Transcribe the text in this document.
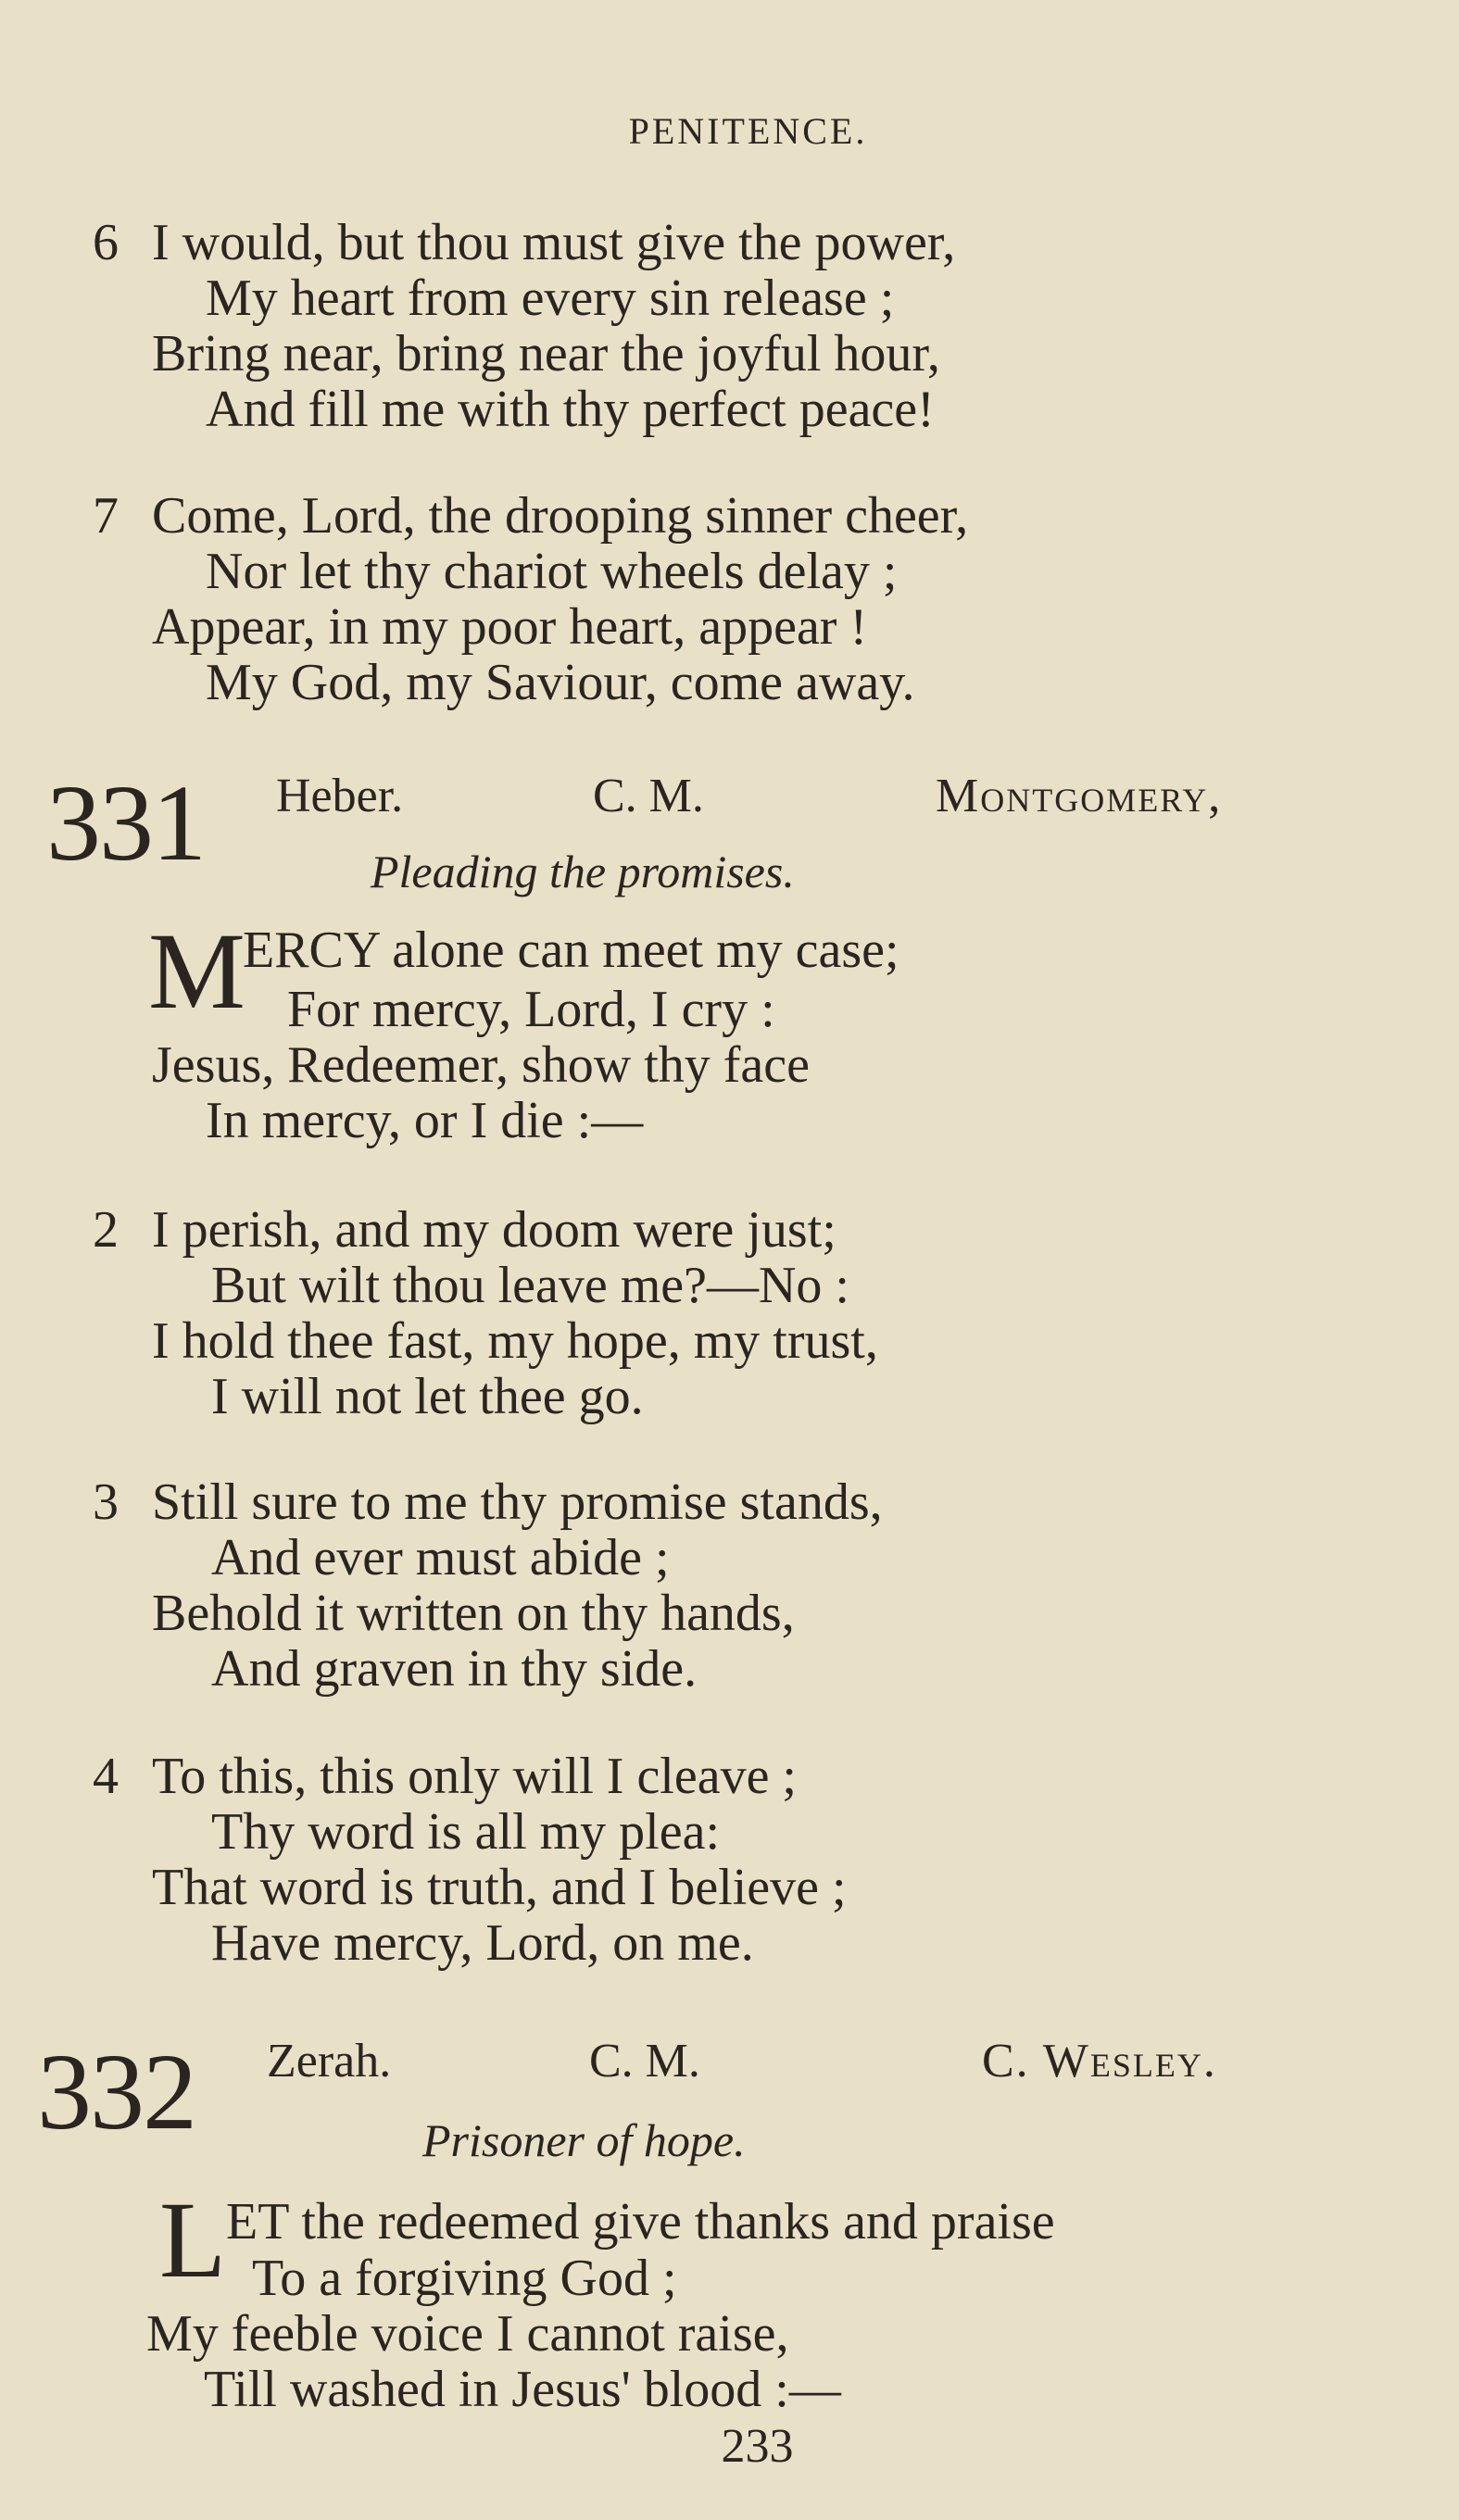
PENITENCE.
6 I would, but thou must give the power,
My heart from every sin release ;
Bring near, bring near the joyful hour,
And fill me with thy perfect peace!
7 Come, Lord, the drooping sinner cheer,
Nor let thy chariot wheels delay ;
Appear, in my poor heart, appear !
My God, my Saviour, come away.
331 Heber.	C. M.	Montgomery,
Pleading the promises.
M
ERCY alone can meet my case;
For mercy, Lord, I cry :
Jesus, Redeemer, show thy face
In mercy, or I die :—
2 I perish, and my doom were just;
But wilt thou leave me?—No :
I hold thee fast, my hope, my trust,
I will not let thee go.
3 Still sure to me thy promise stands,
And ever must abide ;
Behold it written on thy hands,
And graven in thy side.
4 To this, this only will I cleave ;
Thy word is all my plea:
That word is truth, and I believe ;
Have mercy, Lord, on me.
332 Zerah.	C. M.	C. Wesley.
Prisoner of hope.
L ET the redeemed give thanks and praise
To a forgiving God ;
My feeble voice I cannot raise,
Till washed in Jesus' blood :—
233
